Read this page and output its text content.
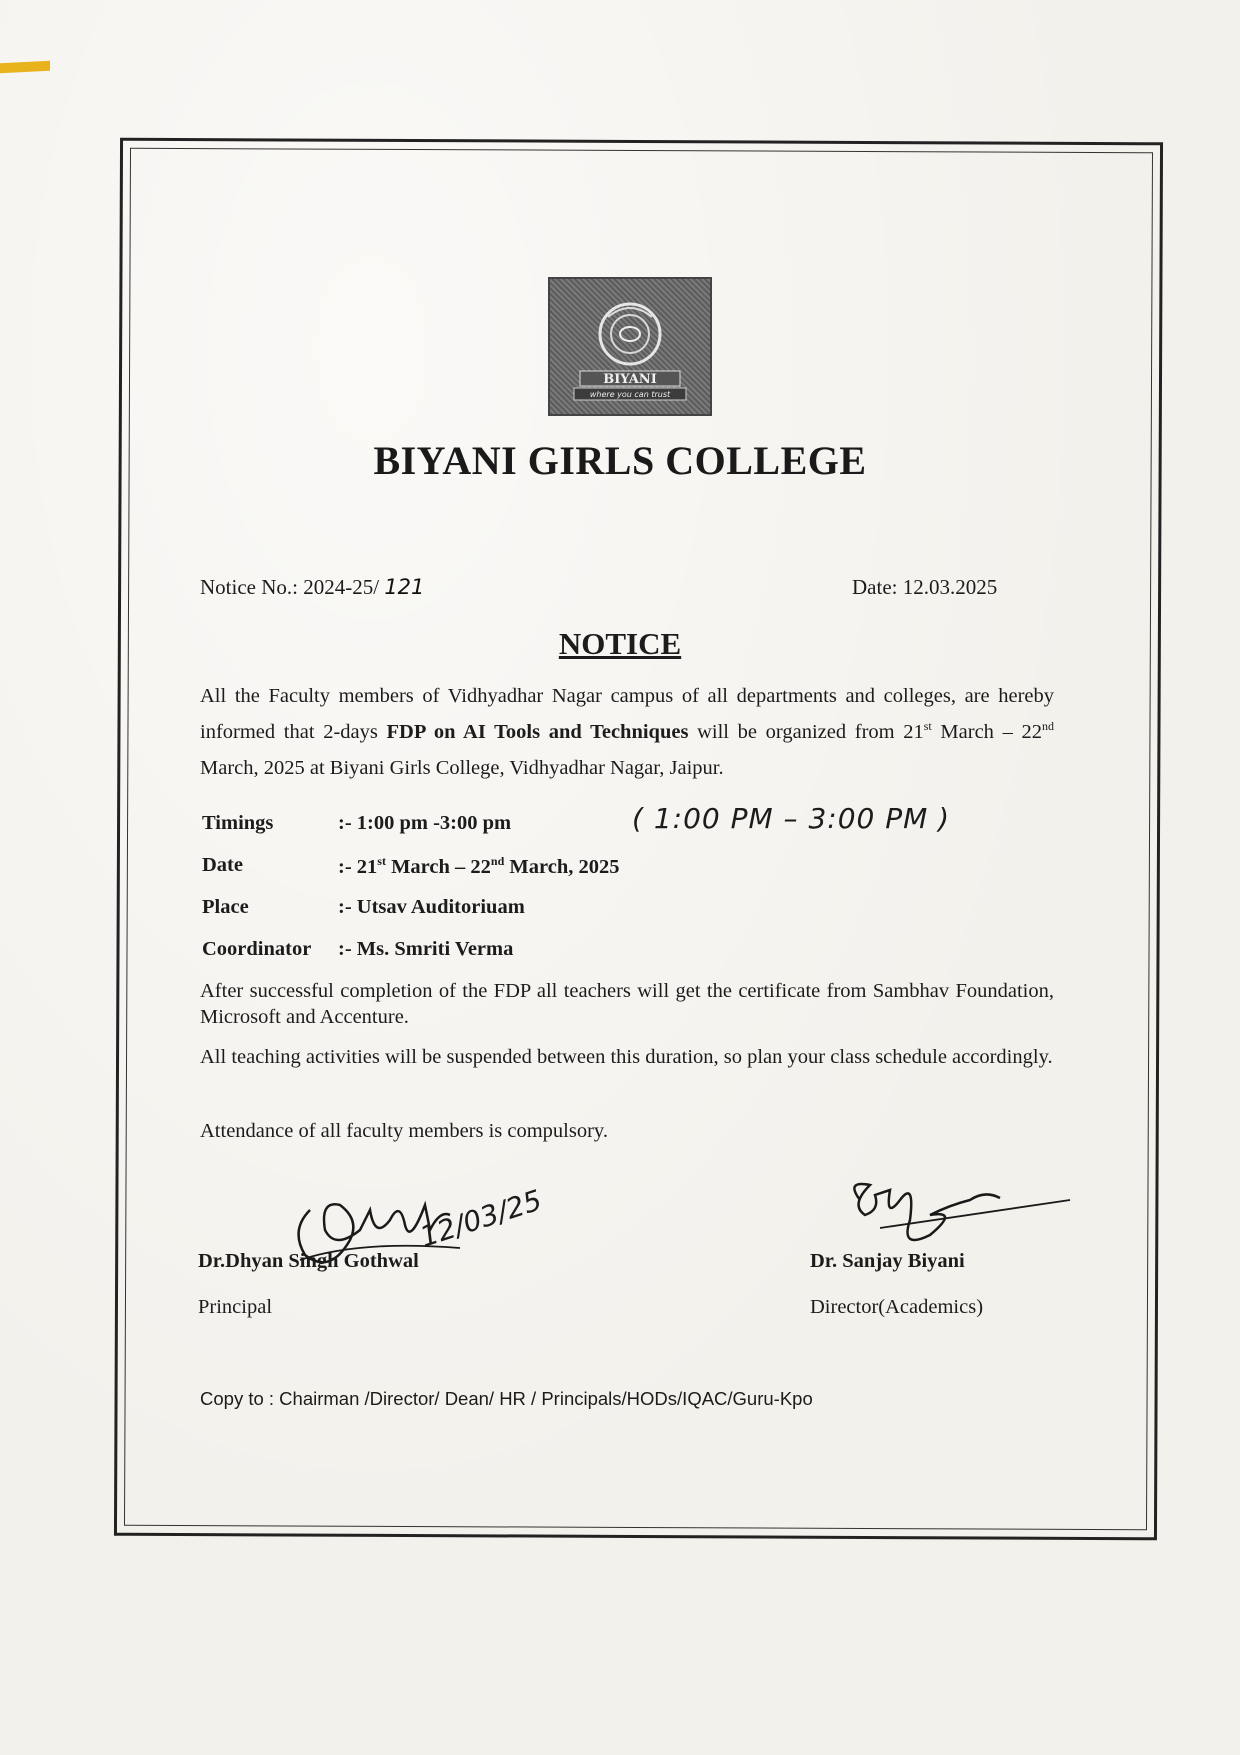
BIYANI
where you can trust
BIYANI GIRLS COLLEGE
Notice No.: 2024-25/ 121	Date: 12.03.2025
NOTICE
All the Faculty members of Vidhyadhar Nagar campus of all departments and colleges, are hereby informed that 2-days FDP on AI Tools and Techniques will be organized from 21st March – 22nd March, 2025 at Biyani Girls College, Vidhyadhar Nagar, Jaipur.
Timings	:- 1:00 pm -3:00 pm	( 1:00 PM – 3:00 PM )
Date	:- 21st March – 22nd March, 2025
Place	:- Utsav Auditoriuam
Coordinator	:- Ms. Smriti Verma
After successful completion of the FDP all teachers will get the certificate from Sambhav Foundation, Microsoft and Accenture.
All teaching activities will be suspended between this duration, so plan your class schedule accordingly.
Attendance of all faculty members is compulsory.
12/03/25
Dr.Dhyan Singh Gothwal
Principal
Dr. Sanjay Biyani
Director(Academics)
Copy to : Chairman /Director/ Dean/ HR / Principals/HODs/IQAC/Guru-Kpo
